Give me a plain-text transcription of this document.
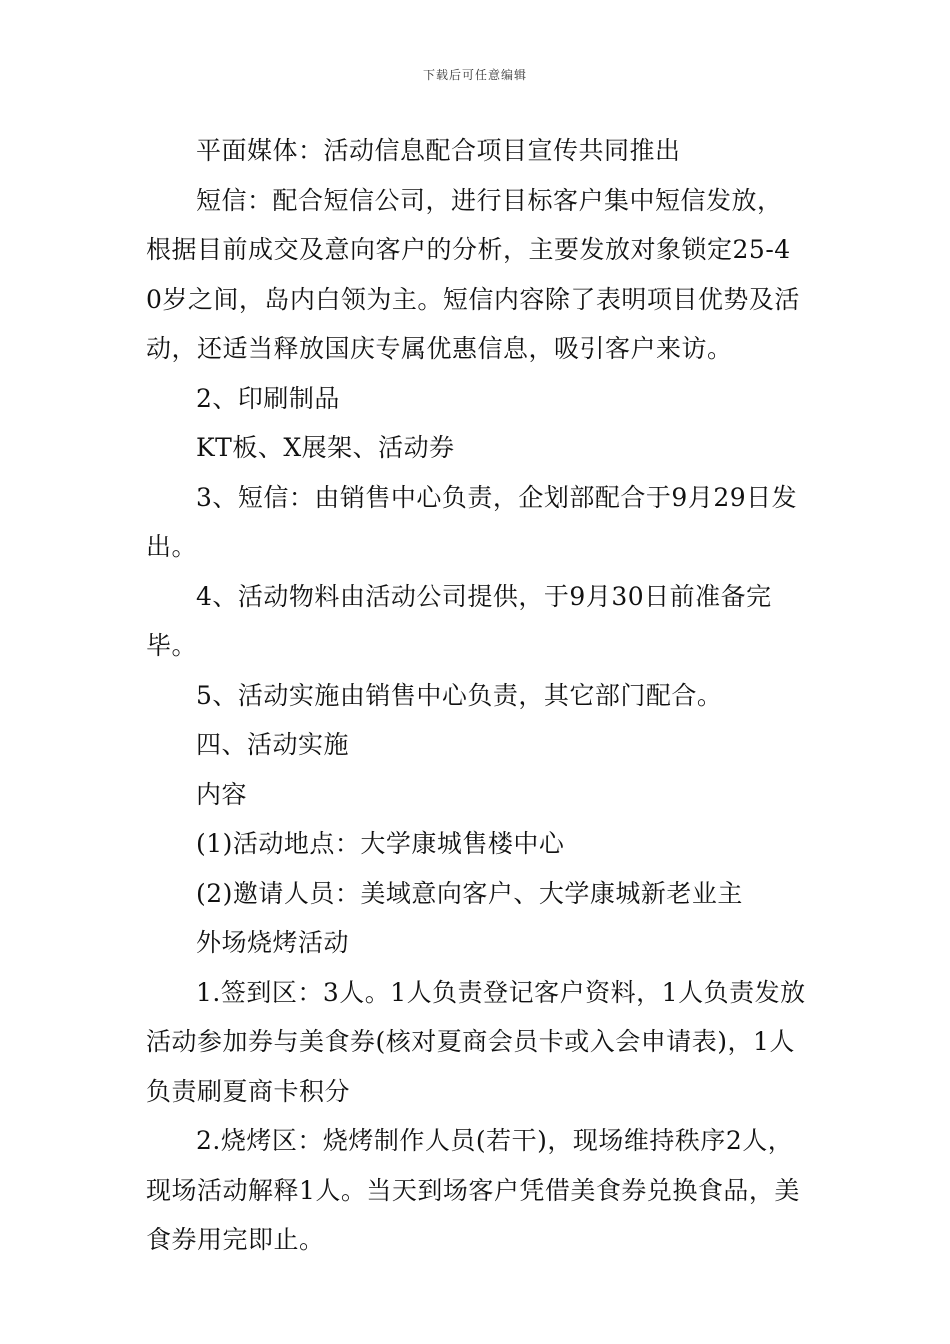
下载后可任意编辑

平面媒体：活动信息配合项目宣传共同推出

短信：配合短信公司，进行目标客户集中短信发放，根据目前成交及意向客户的分析，主要发放对象锁定25-40岁之间，岛内白领为主。短信内容除了表明项目优势及活动，还适当释放国庆专属优惠信息，吸引客户来访。

2、印刷制品

KT板、X展架、活动券

3、短信：由销售中心负责，企划部配合于9月29日发出。

4、活动物料由活动公司提供，于9月30日前准备完毕。

5、活动实施由销售中心负责，其它部门配合。

四、活动实施

内容

(1)活动地点：大学康城售楼中心

(2)邀请人员：美域意向客户、大学康城新老业主

外场烧烤活动

1.签到区：3人。1人负责登记客户资料，1人负责发放活动参加券与美食券(核对夏商会员卡或入会申请表)，1人负责刷夏商卡积分

2.烧烤区：烧烤制作人员(若干)，现场维持秩序2人，现场活动解释1人。当天到场客户凭借美食券兑换食品，美食券用完即止。
